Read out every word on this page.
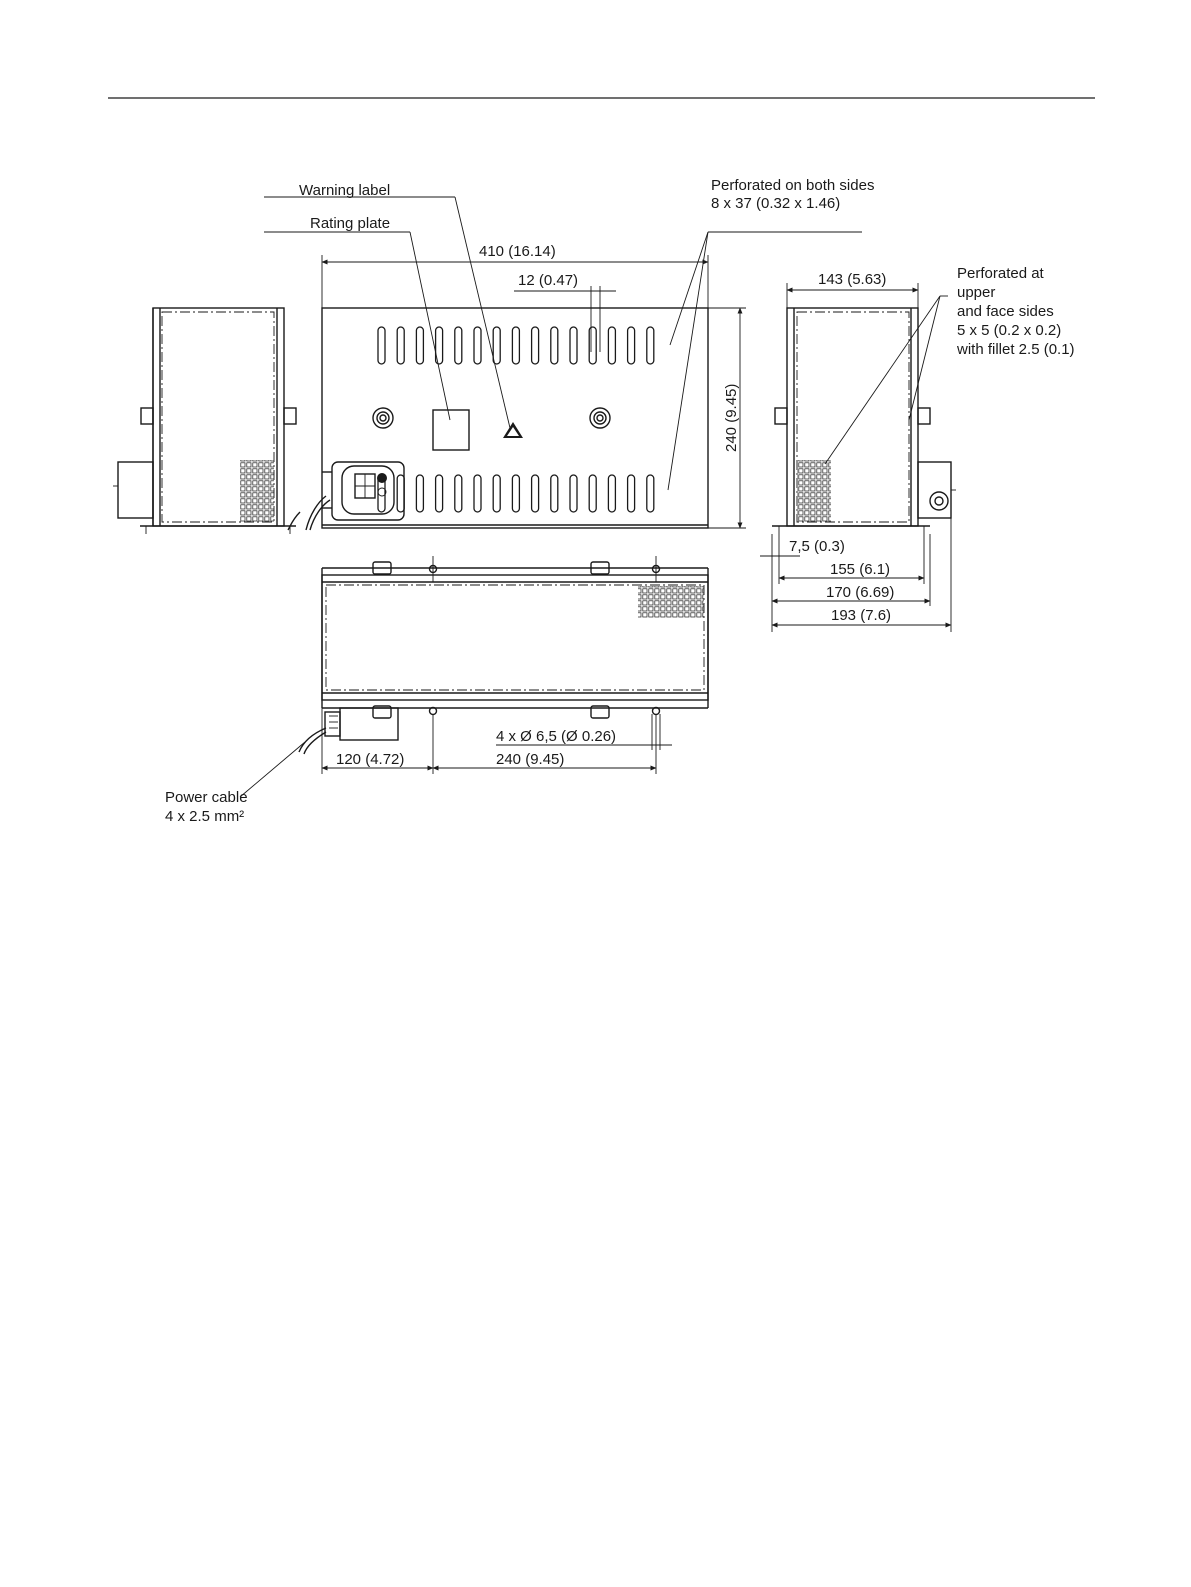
Warning label
Rating plate
Perforated on both sides
8 x 37 (0.32 x 1.46)
410 (16.14)
12 (0.47)
240 (9.45)
143 (5.63)	Perforated at
upper
and face sides
5 x 5 (0.2 x 0.2)
with fillet 2.5 (0.1)
7,5 (0.3)
155 (6.1)
170 (6.69)
193 (7.6)
4 x Ø 6,5 (Ø 0.26)
120 (4.72)	240 (9.45)
Power cable
4 x 2.5 mm²
